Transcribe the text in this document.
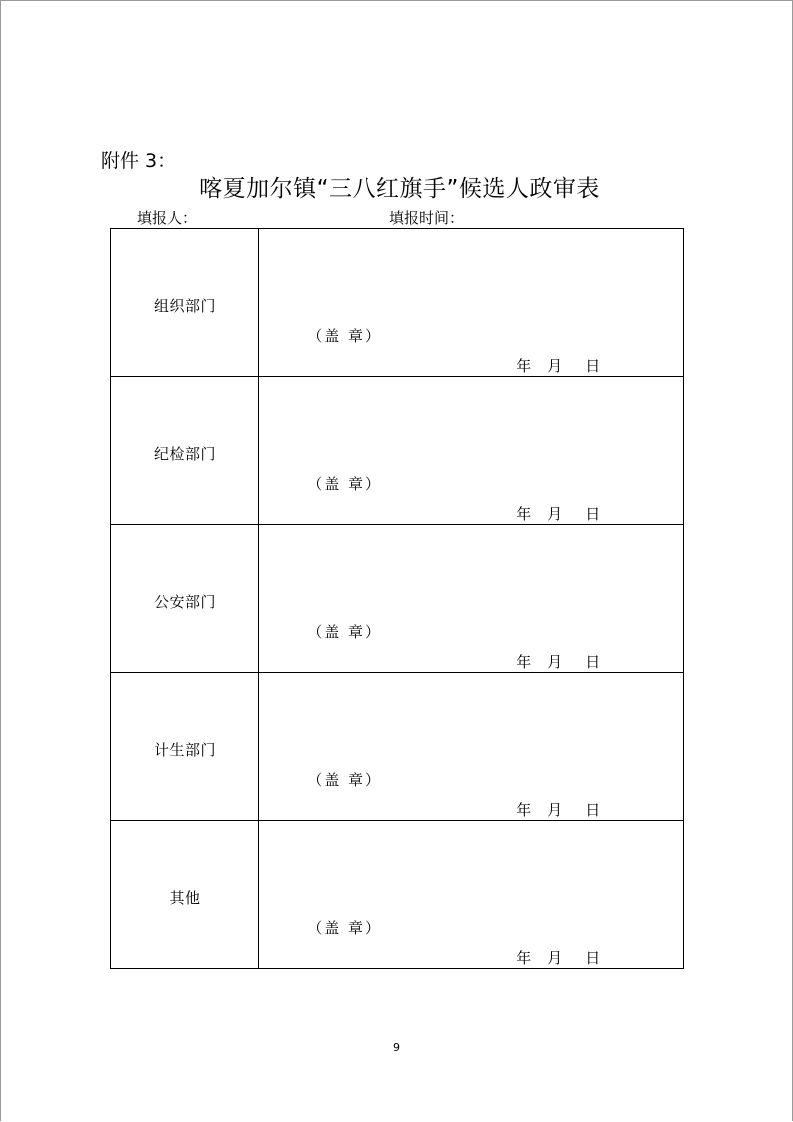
附件 3：
喀夏加尔镇“三八红旗手”候选人政审表
填报人：	填报时间：
组织部门	（盖 章）
年 月 日

纪检部门	（盖 章）
年 月 日

公安部门	（盖 章）
年 月 日

计生部门	（盖 章）
年 月 日

其他	（盖 章）
年 月 日
9
